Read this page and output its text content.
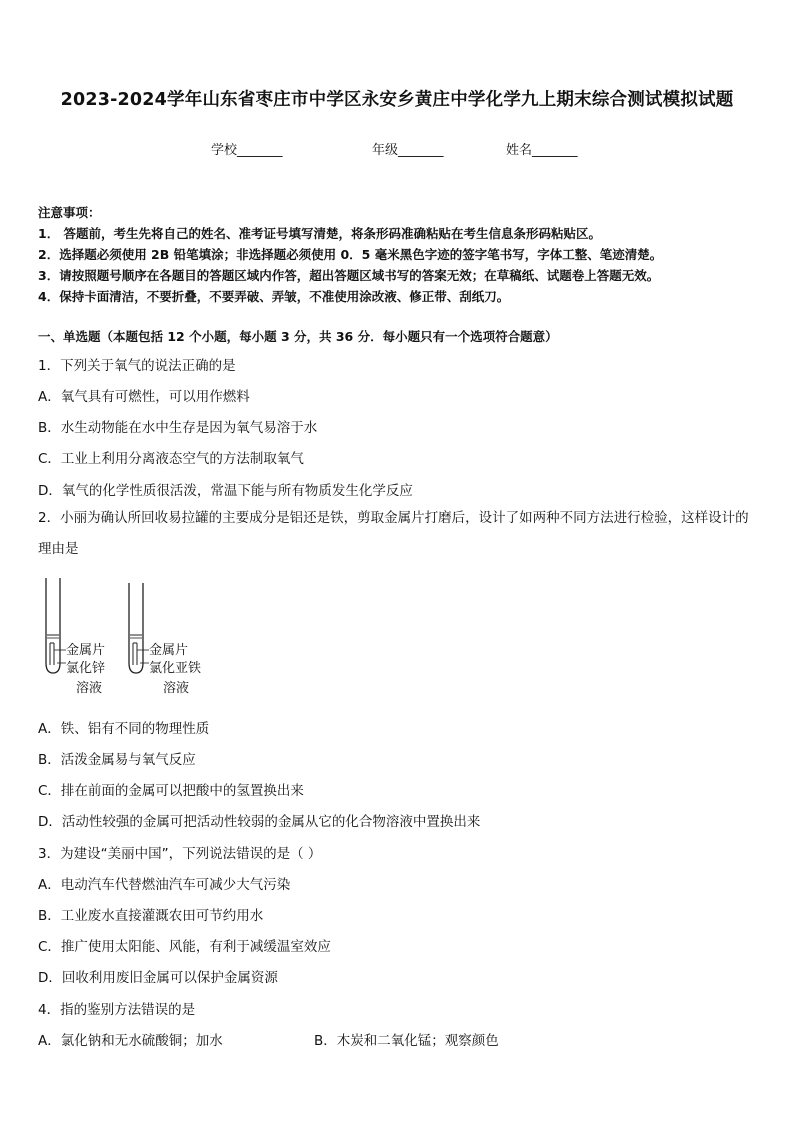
2023-2024学年山东省枣庄市中学区永安乡黄庄中学化学九上期末综合测试模拟试题
学校_______	年级_______	姓名_______
注意事项：
1． 答题前，考生先将自己的姓名、准考证号填写清楚，将条形码准确粘贴在考生信息条形码粘贴区。
2．选择题必须使用 2B 铅笔填涂；非选择题必须使用 0．5 毫米黑色字迹的签字笔书写，字体工整、笔迹清楚。
3．请按照题号顺序在各题目的答题区域内作答，超出答题区域书写的答案无效；在草稿纸、试题卷上答题无效。
4．保持卡面清洁，不要折叠，不要弄破、弄皱，不准使用涂改液、修正带、刮纸刀。
一、单选题（本题包括 12 个小题，每小题 3 分，共 36 分．每小题只有一个选项符合题意）
1．下列关于氧气的说法正确的是
A．氧气具有可燃性，可以用作燃料
B．水生动物能在水中生存是因为氧气易溶于水
C．工业上利用分离液态空气的方法制取氧气
D．氧气的化学性质很活泼，常温下能与所有物质发生化学反应
2．小丽为确认所回收易拉罐的主要成分是铝还是铁，剪取金属片打磨后，设计了如两种不同方法进行检验，这样设计的理由是
金属片
氯化锌
溶液
金属片
氯化亚铁
溶液
A．铁、铝有不同的物理性质
B．活泼金属易与氧气反应
C．排在前面的金属可以把酸中的氢置换出来
D．活动性较强的金属可把活动性较弱的金属从它的化合物溶液中置换出来
3．为建设“美丽中国”，下列说法错误的是（ ）
A．电动汽车代替燃油汽车可减少大气污染
B．工业废水直接灌溉农田可节约用水
C．推广使用太阳能、风能，有利于减缓温室效应
D．回收利用废旧金属可以保护金属资源
4．指的鉴别方法错误的是
A．氯化钠和无水硫酸铜；加水	B．木炭和二氧化锰；观察颜色
